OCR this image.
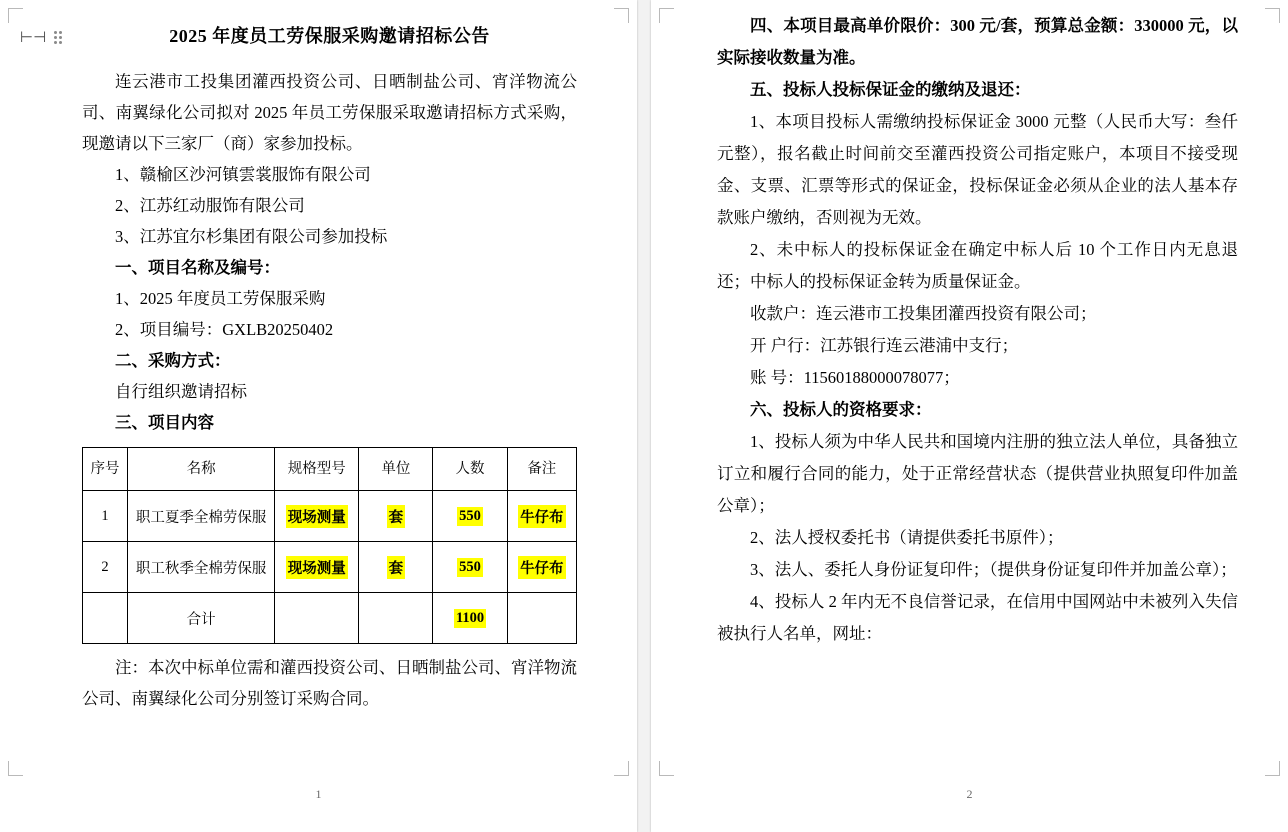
⊢⊣	2025 年度员工劳保服采购邀请招标公告

连云港市工投集团灌西投资公司、日晒制盐公司、宵洋物流公司、南翼绿化公司拟对 2025 年员工劳保服采取邀请招标方式采购，现邀请以下三家厂（商）家参加投标。

1、赣榆区沙河镇雲裳服饰有限公司

2、江苏红动服饰有限公司

3、江苏宜尔杉集团有限公司参加投标

一、项目名称及编号：

1、2025 年度员工劳保服采购

2、项目编号：GXLB20250402

二、采购方式：

自行组织邀请招标

三、项目内容

序号	名称	规格型号	单位	人数	备注
1	职工夏季全棉劳保服	现场测量	套	550	牛仔布
2	职工秋季全棉劳保服	现场测量	套	550	牛仔布
	合计			1100	

注：本次中标单位需和灌西投资公司、日晒制盐公司、宵洋物流公司、南翼绿化公司分别签订采购合同。

1

四、本项目最高单价限价：300 元/套，预算总金额：330000 元，以实际接收数量为准。

五、投标人投标保证金的缴纳及退还：

1、本项目投标人需缴纳投标保证金 3000 元整（人民币大写：叁仟元整），报名截止时间前交至灌西投资公司指定账户，本项目不接受现金、支票、汇票等形式的保证金，投标保证金必须从企业的法人基本存款账户缴纳，否则视为无效。

2、未中标人的投标保证金在确定中标人后 10 个工作日内无息退还；中标人的投标保证金转为质量保证金。

收款户：连云港市工投集团灌西投资有限公司；

开 户行：江苏银行连云港浦中支行；

账 号：11560188000078077；

六、投标人的资格要求：

1、投标人须为中华人民共和国境内注册的独立法人单位，具备独立订立和履行合同的能力，处于正常经营状态（提供营业执照复印件加盖公章）；

2、法人授权委托书（请提供委托书原件）；

3、法人、委托人身份证复印件；（提供身份证复印件并加盖公章）；

4、投标人 2 年内无不良信誉记录，在信用中国网站中未被列入失信被执行人名单，网址：

2
